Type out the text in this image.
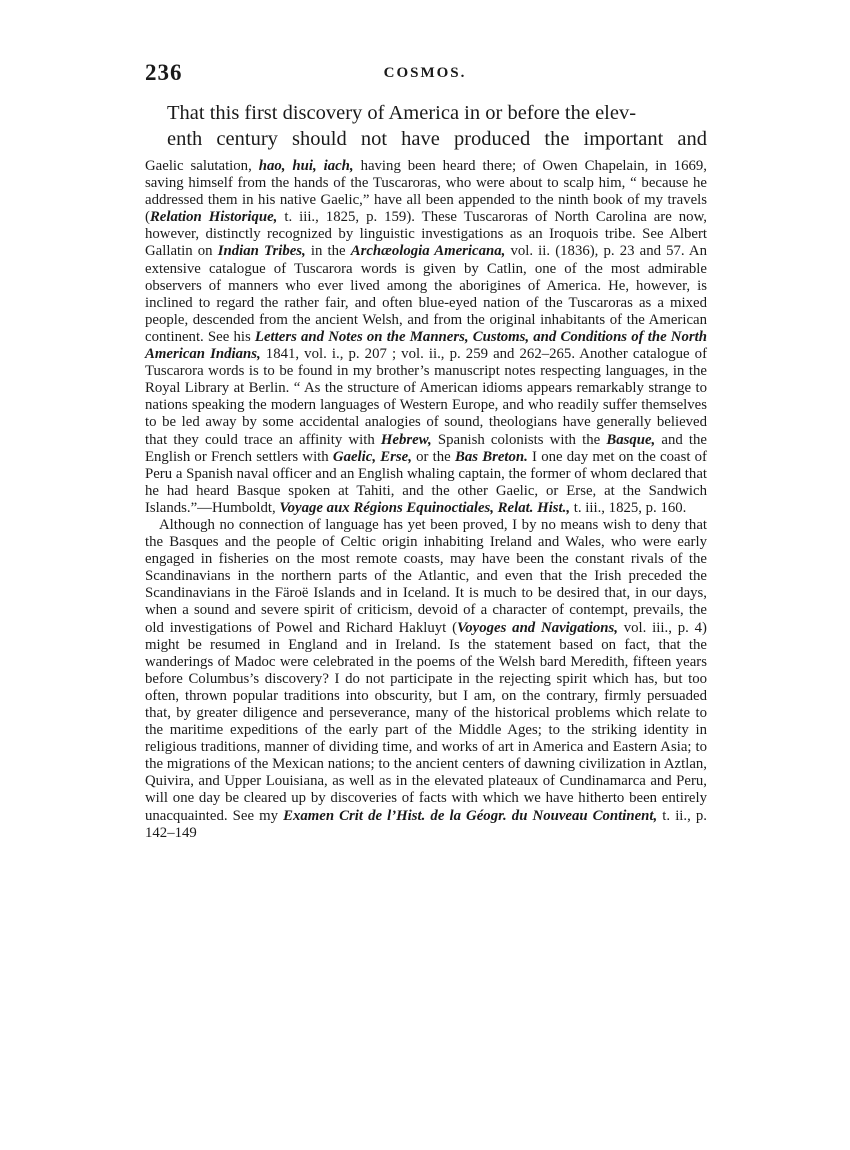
236	COSMOS.
That this first discovery of America in or before the elev-
enth century should not have produced the important and

Gaelic salutation, hao, hui, iach, having been heard there; of Owen Chapelain, in 1669, saving himself from the hands of the Tuscaroras, who were about to scalp him, “ because he addressed them in his native Gaelic,” have all been appended to the ninth book of my travels (Relation Historique, t. iii., 1825, p. 159). These Tuscaroras of North Carolina are now, however, distinctly recognized by linguistic investigations as an Iroquois tribe. See Albert Gallatin on Indian Tribes, in the Archæologia Americana, vol. ii. (1836), p. 23 and 57. An extensive catalogue of Tuscarora words is given by Catlin, one of the most admirable observers of manners who ever lived among the aborigines of America. He, however, is inclined to regard the rather fair, and often blue-eyed nation of the Tuscaroras as a mixed people, descended from the ancient Welsh, and from the original inhabitants of the American continent. See his Letters and Notes on the Manners, Customs, and Conditions of the North American Indians, 1841, vol. i., p. 207 ; vol. ii., p. 259 and 262–265. Another catalogue of Tuscarora words is to be found in my brother’s manuscript notes respecting languages, in the Royal Library at Berlin. “ As the structure of American idioms appears remarkably strange to nations speaking the modern languages of Western Europe, and who readily suffer themselves to be led away by some accidental analogies of sound, theologians have generally believed that they could trace an affinity with Hebrew, Spanish colonists with the Basque, and the English or French settlers with Gaelic, Erse, or the Bas Breton. I one day met on the coast of Peru a Spanish naval officer and an English whaling captain, the former of whom declared that he had heard Basque spoken at Tahiti, and the other Gaelic, or Erse, at the Sandwich Islands.”—Humboldt, Voyage aux Régions Equinoctiales, Relat. Hist., t. iii., 1825, p. 160.

Although no connection of language has yet been proved, I by no means wish to deny that the Basques and the people of Celtic origin inhabiting Ireland and Wales, who were early engaged in fisheries on the most remote coasts, may have been the constant rivals of the Scandinavians in the northern parts of the Atlantic, and even that the Irish preceded the Scandinavians in the Färoë Islands and in Iceland. It is much to be desired that, in our days, when a sound and severe spirit of criticism, devoid of a character of contempt, prevails, the old investigations of Powel and Richard Hakluyt (Voyoges and Navigations, vol. iii., p. 4) might be resumed in England and in Ireland. Is the statement based on fact, that the wanderings of Madoc were celebrated in the poems of the Welsh bard Meredith, fifteen years before Columbus’s discovery? I do not participate in the rejecting spirit which has, but too often, thrown popular traditions into obscurity, but I am, on the contrary, firmly persuaded that, by greater diligence and perseverance, many of the historical problems which relate to the maritime expeditions of the early part of the Middle Ages; to the striking identity in religious traditions, manner of dividing time, and works of art in America and Eastern Asia; to the migrations of the Mexican nations; to the ancient centers of dawning civilization in Aztlan, Quivira, and Upper Louisiana, as well as in the elevated plateaux of Cundinamarca and Peru, will one day be cleared up by discoveries of facts with which we have hitherto been entirely unacquainted. See my Examen Crit de l’Hist. de la Géogr. du Nouveau Continent, t. ii., p. 142–149
